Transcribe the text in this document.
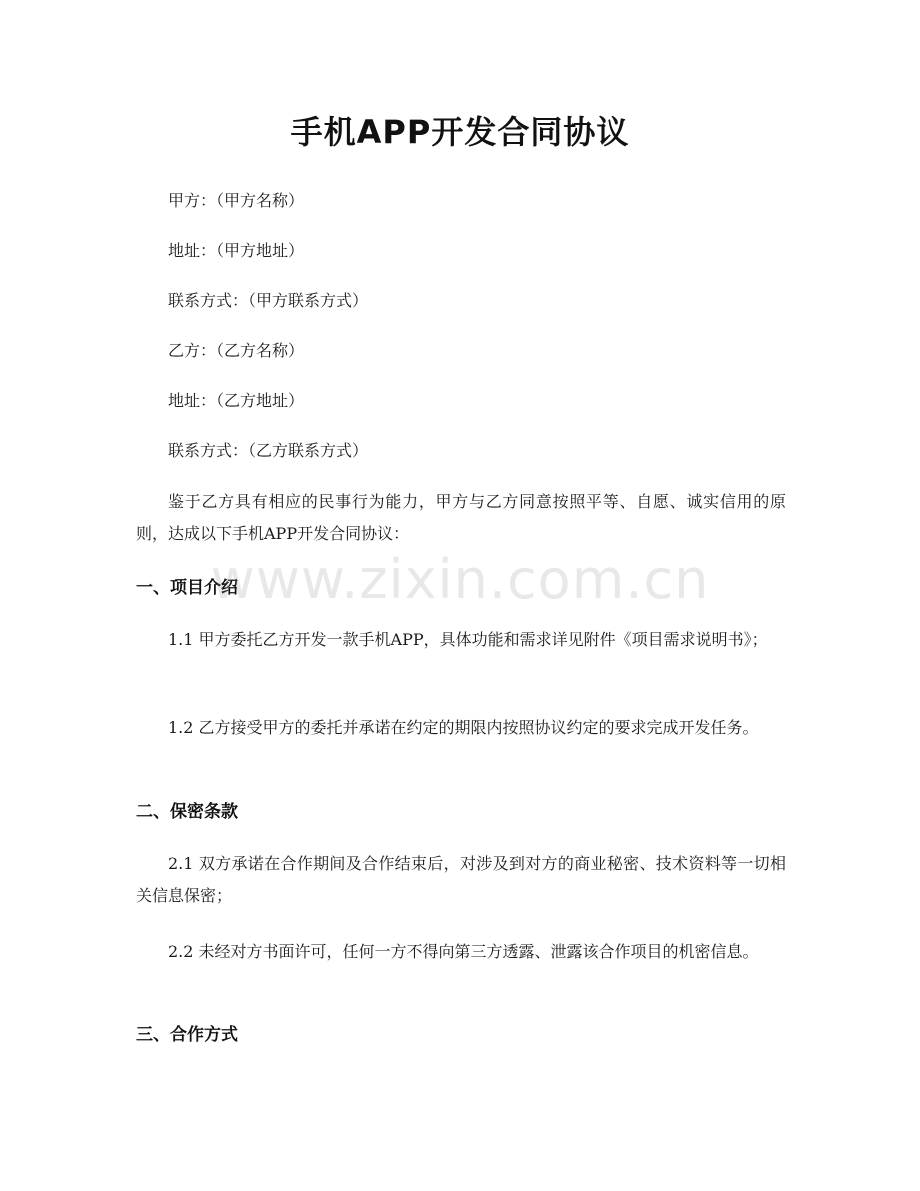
手机APP开发合同协议
甲方：（甲方名称）
地址：（甲方地址）
联系方式：（甲方联系方式）
乙方：（乙方名称）
地址：（乙方地址）
联系方式：（乙方联系方式）
鉴于乙方具有相应的民事行为能力，甲方与乙方同意按照平等、自愿、诚实信用的原则，达成以下手机APP开发合同协议：
一、项目介绍
1.1 甲方委托乙方开发一款手机APP，具体功能和需求详见附件《项目需求说明书》；
1.2 乙方接受甲方的委托并承诺在约定的期限内按照协议约定的要求完成开发任务。
二、保密条款
2.1 双方承诺在合作期间及合作结束后，对涉及到对方的商业秘密、技术资料等一切相关信息保密；
2.2 未经对方书面许可，任何一方不得向第三方透露、泄露该合作项目的机密信息。
三、合作方式
www.zixin.com.cn
